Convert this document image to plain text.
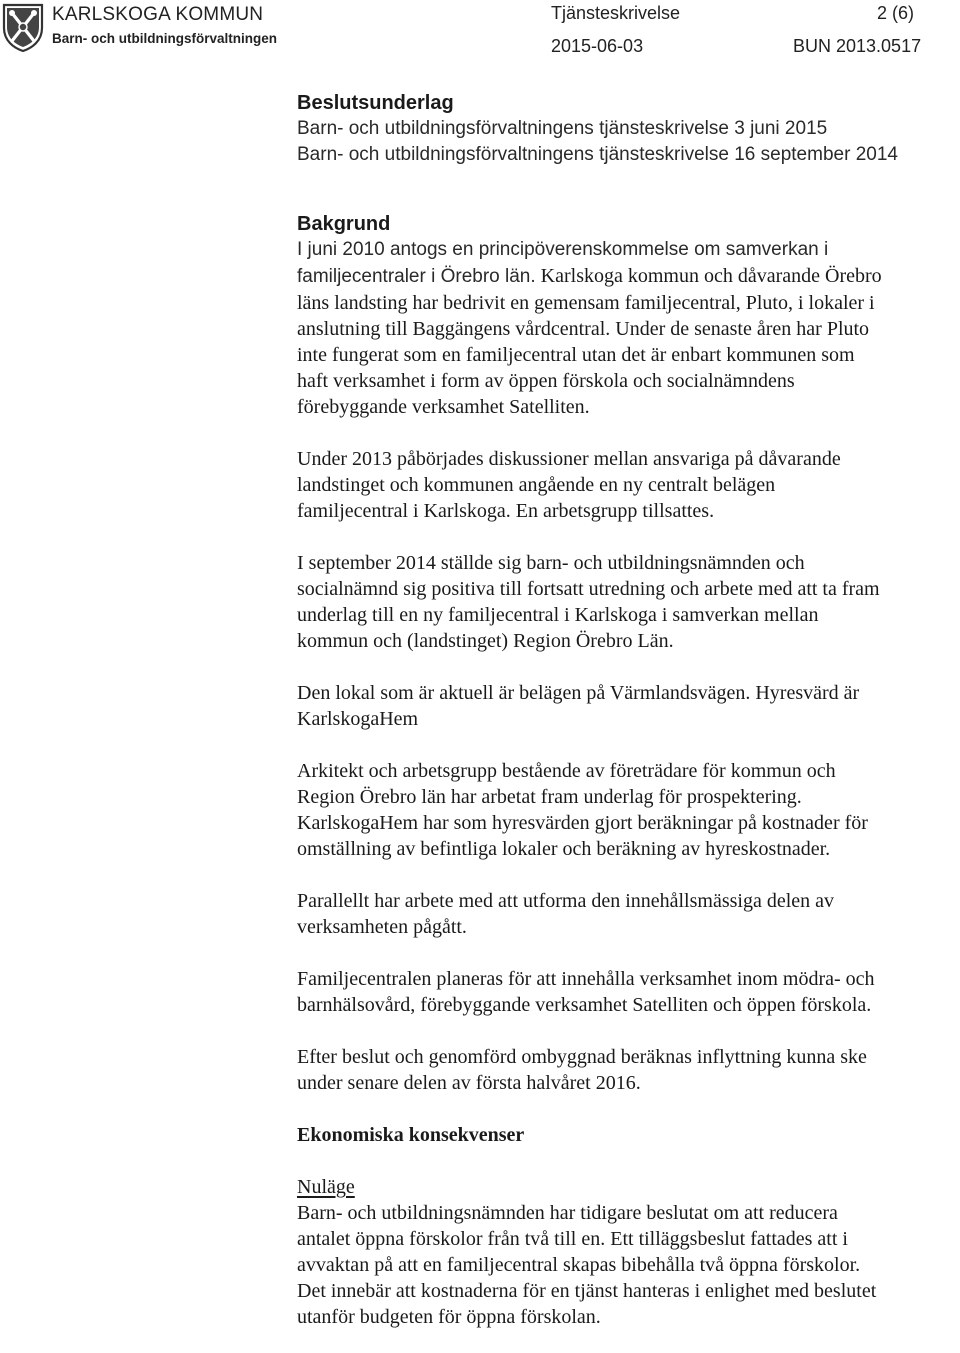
KARLSKOGA KOMMUN
Barn- och utbildningsförvaltningen
Tjänsteskrivelse	2 (6)
2015-06-03	BUN 2013.0517

Beslutsunderlag

Barn- och utbildningsförvaltningens tjänsteskrivelse 3 juni 2015

Barn- och utbildningsförvaltningens tjänsteskrivelse 16 september 2014

Bakgrund

I juni 2010 antogs en principöverenskommelse om samverkan i

familjecentraler i Örebro län. Karlskoga kommun och dåvarande Örebro

läns landsting har bedrivit en gemensam familjecentral, Pluto, i lokaler i

anslutning till Baggängens vårdcentral. Under de senaste åren har Pluto

inte fungerat som en familjecentral utan det är enbart kommunen som

haft verksamhet i form av öppen förskola och socialnämndens

förebyggande verksamhet Satelliten.

Under 2013 påbörjades diskussioner mellan ansvariga på dåvarande

landstinget och kommunen angående en ny centralt belägen

familjecentral i Karlskoga. En arbetsgrupp tillsattes.

I september 2014 ställde sig barn- och utbildningsnämnden och

socialnämnd sig positiva till fortsatt utredning och arbete med att ta fram

underlag till en ny familjecentral i Karlskoga i samverkan mellan

kommun och (landstinget) Region Örebro Län.

Den lokal som är aktuell är belägen på Värmlandsvägen. Hyresvärd är

KarlskogaHem

Arkitekt och arbetsgrupp bestående av företrädare för kommun och

Region Örebro län har arbetat fram underlag för prospektering.

KarlskogaHem har som hyresvärden gjort beräkningar på kostnader för

omställning av befintliga lokaler och beräkning av hyreskostnader.

Parallellt har arbete med att utforma den innehållsmässiga delen av

verksamheten pågått.

Familjecentralen planeras för att innehålla verksamhet inom mödra- och

barnhälsovård, förebyggande verksamhet Satelliten och öppen förskola.

Efter beslut och genomförd ombyggnad beräknas inflyttning kunna ske

under senare delen av första halvåret 2016.

Ekonomiska konsekvenser

Nuläge

Barn- och utbildningsnämnden har tidigare beslutat om att reducera

antalet öppna förskolor från två till en. Ett tilläggsbeslut fattades att i

avvaktan på att en familjecentral skapas bibehålla två öppna förskolor.

Det innebär att kostnaderna för en tjänst hanteras i enlighet med beslutet

utanför budgeten för öppna förskolan.
